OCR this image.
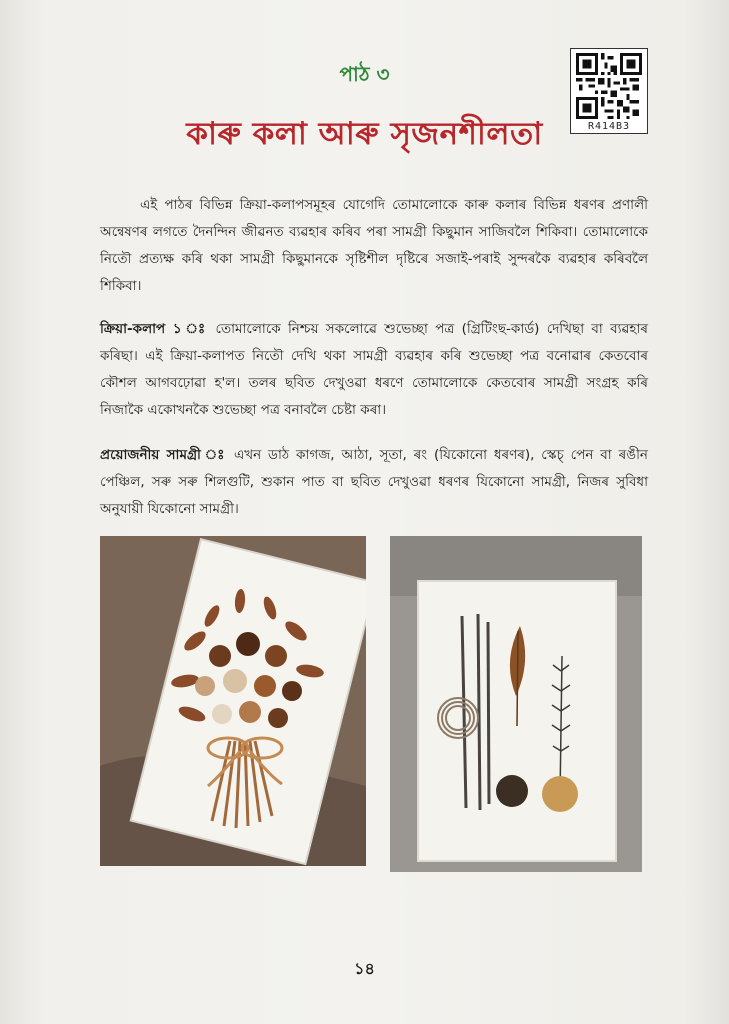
পাঠ ৩
কাৰু কলা আৰু সৃজনশীলতা	R414B3

এই পাঠৰ বিভিন্ন ক্ৰিয়া-কলাপসমূহৰ যোগেদি তোমালোকে কাৰু কলাৰ বিভিন্ন ধৰণৰ প্ৰণালী অন্বেষণৰ লগতে দৈনন্দিন জীৱনত ব্যৱহাৰ কৰিব পৰা সামগ্ৰী কিছুমান সাজিবলৈ শিকিবা। তোমালোকে নিতৌ প্ৰত্যক্ষ কৰি থকা সামগ্ৰী কিছুমানকে সৃষ্টিশীল দৃষ্টিৰে সজাই-পৰাই সুন্দৰকৈ ব্যৱহাৰ কৰিবলৈ শিকিবা।

ক্ৰিয়া-কলাপ ১ ঃ তোমালোকে নিশ্চয় সকলোৱে শুভেচ্ছা পত্ৰ (গ্ৰিটিংছ-কাৰ্ড) দেখিছা বা ব্যৱহাৰ কৰিছা। এই ক্ৰিয়া-কলাপত নিতৌ দেখি থকা সামগ্ৰী ব্যৱহাৰ কৰি শুভেচ্ছা পত্ৰ বনোৱাৰ কেতবোৰ কৌশল আগবঢ়োৱা হ'ল। তলৰ ছবিত দেখুওৱা ধৰণে তোমালোকে কেতবোৰ সামগ্ৰী সংগ্ৰহ কৰি নিজাকৈ একোখনকৈ শুভেচ্ছা পত্ৰ বনাবলৈ চেষ্টা কৰা।

প্ৰয়োজনীয় সামগ্ৰী ঃ এখন ডাঠ কাগজ, আঠা, সূতা, ৰং (যিকোনো ধৰণৰ), স্কেচ্ পেন বা ৰঙীন পেঞ্চিল, সৰু সৰু শিলগুটি, শুকান পাত বা ছবিত দেখুওৱা ধৰণৰ যিকোনো সামগ্ৰী, নিজৰ সুবিধা অনুযায়ী যিকোনো সামগ্ৰী।

১৪
